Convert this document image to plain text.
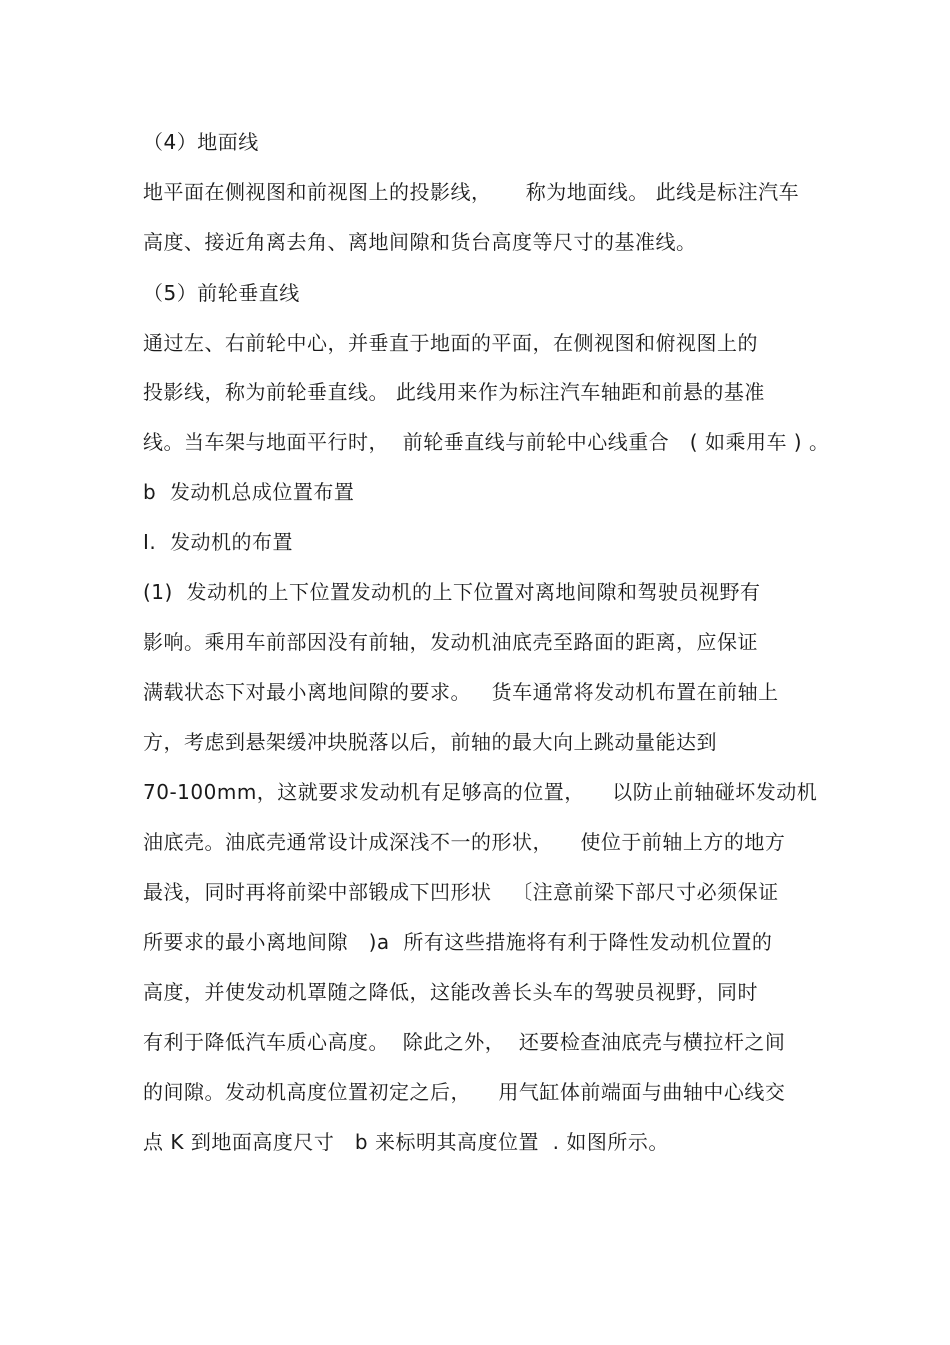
（4）地面线
地平面在侧视图和前视图上的投影线，     称为地面线。 此线是标注汽车
高度、接近角离去角、离地间隙和货台高度等尺寸的基准线。
（5）前轮垂直线
通过左、右前轮中心，并垂直于地面的平面，在侧视图和俯视图上的
投影线，称为前轮垂直线。 此线用来作为标注汽车轴距和前悬的基准
线。当车架与地面平行时，  前轮垂直线与前轮中心线重合   ( 如乘用车 ) 。
b  发动机总成位置布置
I.  发动机的布置
(1)  发动机的上下位置发动机的上下位置对离地间隙和驾驶员视野有
影响。乘用车前部因没有前轴，发动机油底壳至路面的距离，应保证
满载状态下对最小离地间隙的要求。   货车通常将发动机布置在前轴上
方，考虑到悬架缓冲块脱落以后，前轴的最大向上跳动量能达到
70-100mm，这就要求发动机有足够高的位置，    以防止前轴碰坏发动机
油底壳。油底壳通常设计成深浅不一的形状，    使位于前轴上方的地方
最浅，同时再将前梁中部锻成下凹形状   〔注意前梁下部尺寸必须保证
所要求的最小离地间隙   )a  所有这些措施将有利于降性发动机位置的
高度，并使发动机罩随之降低，这能改善长头车的驾驶员视野，同时
有利于降低汽车质心高度。  除此之外，  还要检查油底壳与横拉杆之间
的间隙。发动机高度位置初定之后，    用气缸体前端面与曲轴中心线交
点 K 到地面高度尺寸   b 来标明其高度位置  . 如图所示。
